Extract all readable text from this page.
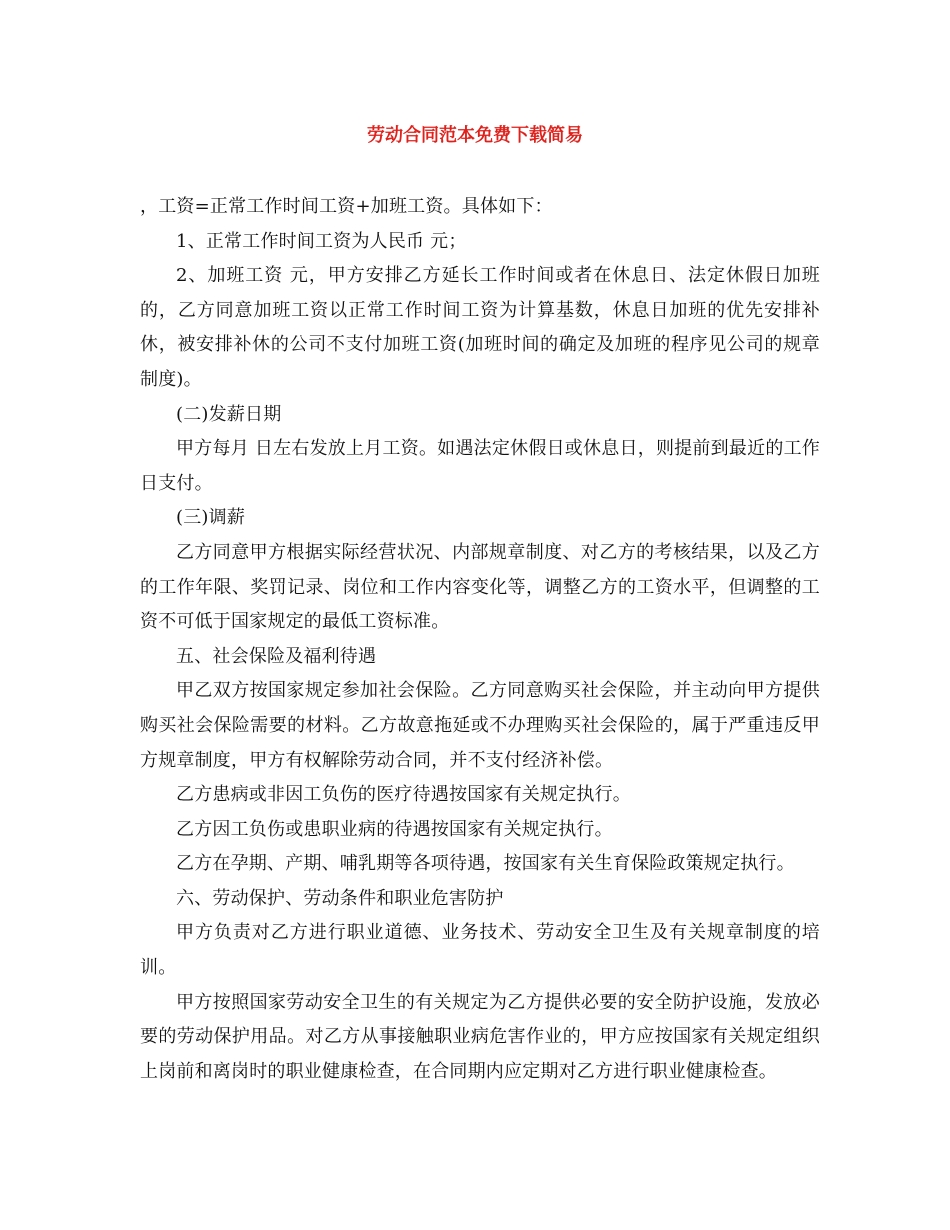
劳动合同范本免费下载简易

，工资=正常工作时间工资+加班工资。具体如下：

1、正常工作时间工资为人民币 元；

2、加班工资 元，甲方安排乙方延长工作时间或者在休息日、法定休假日加班的，乙方同意加班工资以正常工作时间工资为计算基数，休息日加班的优先安排补休，被安排补休的公司不支付加班工资(加班时间的确定及加班的程序见公司的规章制度)。

(二)发薪日期

甲方每月 日左右发放上月工资。如遇法定休假日或休息日，则提前到最近的工作日支付。

(三)调薪

乙方同意甲方根据实际经营状况、内部规章制度、对乙方的考核结果，以及乙方的工作年限、奖罚记录、岗位和工作内容变化等，调整乙方的工资水平，但调整的工资不可低于国家规定的最低工资标准。

五、社会保险及福利待遇

甲乙双方按国家规定参加社会保险。乙方同意购买社会保险，并主动向甲方提供购买社会保险需要的材料。乙方故意拖延或不办理购买社会保险的，属于严重违反甲方规章制度，甲方有权解除劳动合同，并不支付经济补偿。

乙方患病或非因工负伤的医疗待遇按国家有关规定执行。

乙方因工负伤或患职业病的待遇按国家有关规定执行。

乙方在孕期、产期、哺乳期等各项待遇，按国家有关生育保险政策规定执行。

六、劳动保护、劳动条件和职业危害防护

甲方负责对乙方进行职业道德、业务技术、劳动安全卫生及有关规章制度的培训。

甲方按照国家劳动安全卫生的有关规定为乙方提供必要的安全防护设施，发放必要的劳动保护用品。对乙方从事接触职业病危害作业的，甲方应按国家有关规定组织上岗前和离岗时的职业健康检查，在合同期内应定期对乙方进行职业健康检查。
